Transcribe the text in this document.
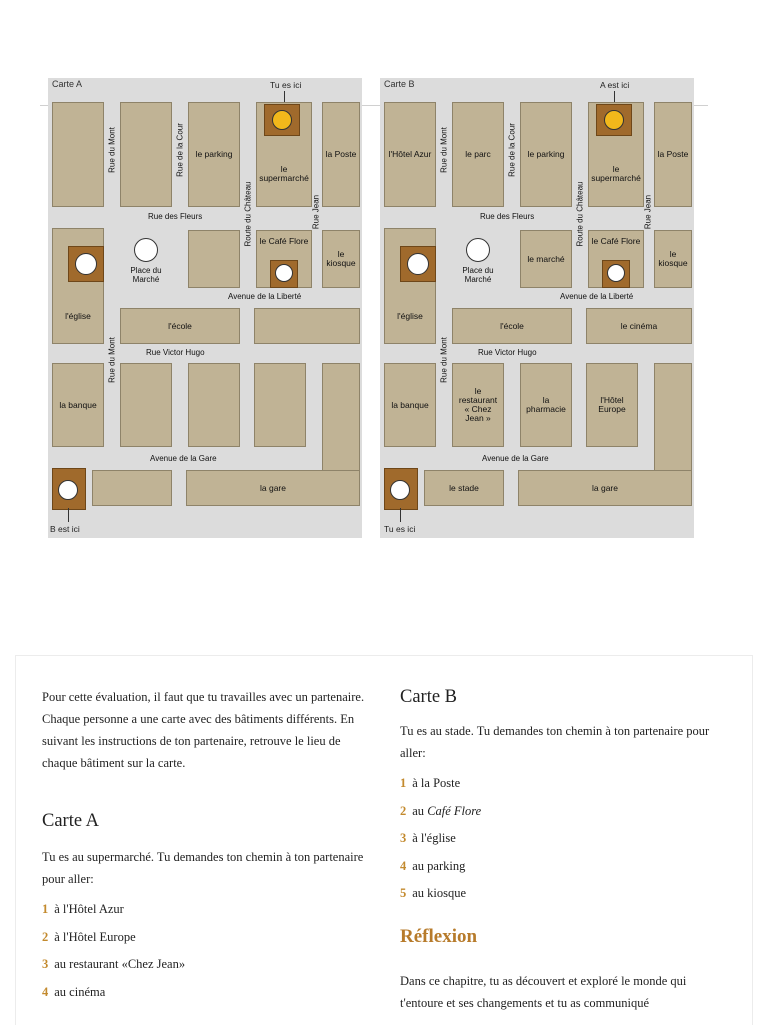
Carte A	Tu es ici
le parking
le supermarché
la Poste
Rue du Mont	Rue de la Cour
Route du Château	Rue Jean
Rue des Fleurs
l'église
Place du Marché
le Café Flore
le kiosque
Avenue de la Liberté
l'école
Rue Victor Hugo
la banque
Rue du Mont
Avenue de la Gare
la gare
B est ici
Carte B	A est ici
l'Hôtel Azur	le parc	le parking
le supermarché
la Poste
Rue du Mont	Rue de la Cour
Route du Château	Rue Jean
Rue des Fleurs
l'église
Place du Marché
le marché
le Café Flore
le kiosque
Avenue de la Liberté
l'école	le cinéma
Rue Victor Hugo
la banque
Rue du Mont
le restaurant « Chez Jean »
la pharmacie
l'Hôtel Europe
Avenue de la Gare
le stade	la gare
Tu es ici

Pour cette évaluation, il faut que tu travailles avec un partenaire. Chaque personne a une carte avec des bâtiments différents. En suivant les instructions de ton partenaire, retrouve le lieu de chaque bâtiment sur la carte.

Carte A

Tu es au supermarché. Tu demandes ton chemin à ton partenaire pour aller:

1 à l'Hôtel Azur
2 à l'Hôtel Europe
3 au restaurant «Chez Jean»
4 au cinéma
Carte B

Tu es au stade. Tu demandes ton chemin à ton partenaire pour aller:

1 à la Poste
2 au Café Flore
3 à l'église
4 au parking
5 au kiosque
Réflexion

Dans ce chapitre, tu as découvert et exploré le monde qui t'entoure et ses changements et tu as communiqué
